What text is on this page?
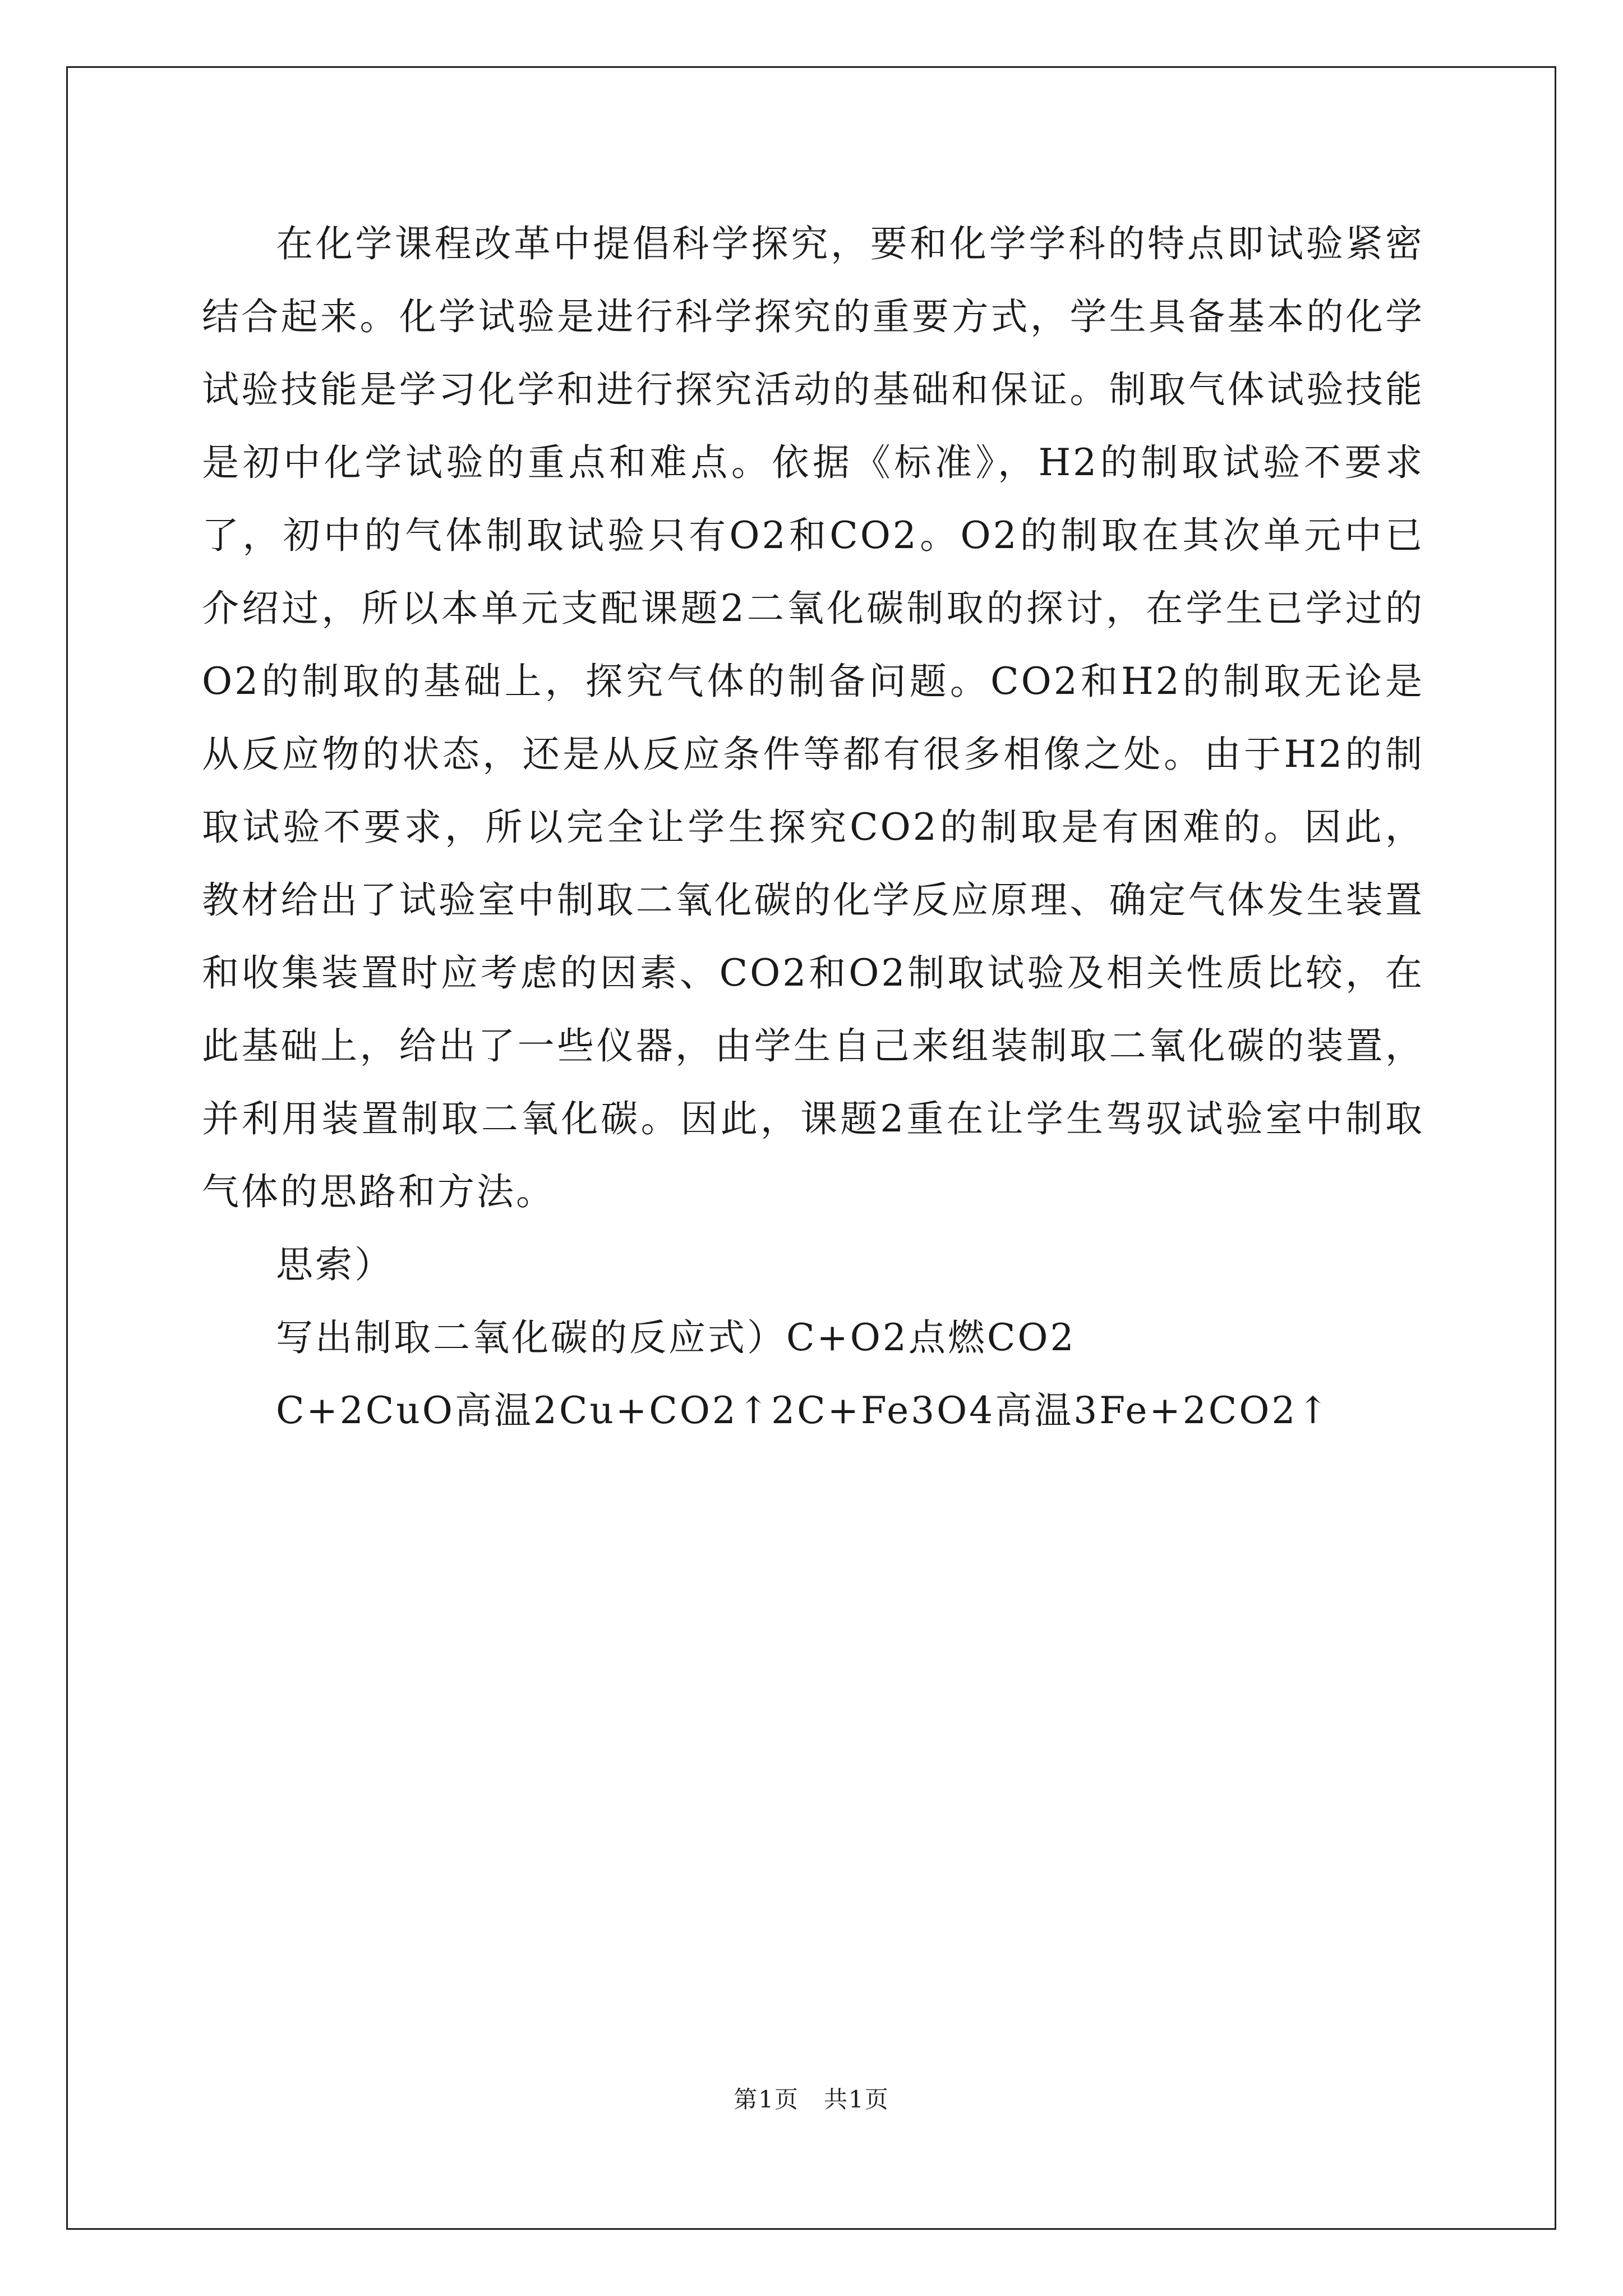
在化学课程改革中提倡科学探究，要和化学学科的特点即试验紧密结合起来。化学试验是进行科学探究的重要方式，学生具备基本的化学试验技能是学习化学和进行探究活动的基础和保证。制取气体试验技能是初中化学试验的重点和难点。依据《标准》，H2的制取试验不要求了，初中的气体制取试验只有O2和CO2。O2的制取在其次单元中已介绍过，所以本单元支配课题2二氧化碳制取的探讨，在学生已学过的O2的制取的基础上，探究气体的制备问题。CO2和H2的制取无论是从反应物的状态，还是从反应条件等都有很多相像之处。由于H2的制取试验不要求，所以完全让学生探究CO2的制取是有困难的。因此，教材给出了试验室中制取二氧化碳的化学反应原理、确定气体发生装置和收集装置时应考虑的因素、CO2和O2制取试验及相关性质比较，在此基础上，给出了一些仪器，由学生自己来组装制取二氧化碳的装置，并利用装置制取二氧化碳。因此，课题2重在让学生驾驭试验室中制取气体的思路和方法。

思索）

写出制取二氧化碳的反应式）C+O2点燃CO2

C+2CuO高温2Cu+CO2↑2C+Fe3O4高温3Fe+2CO2↑

第1页　共1页
